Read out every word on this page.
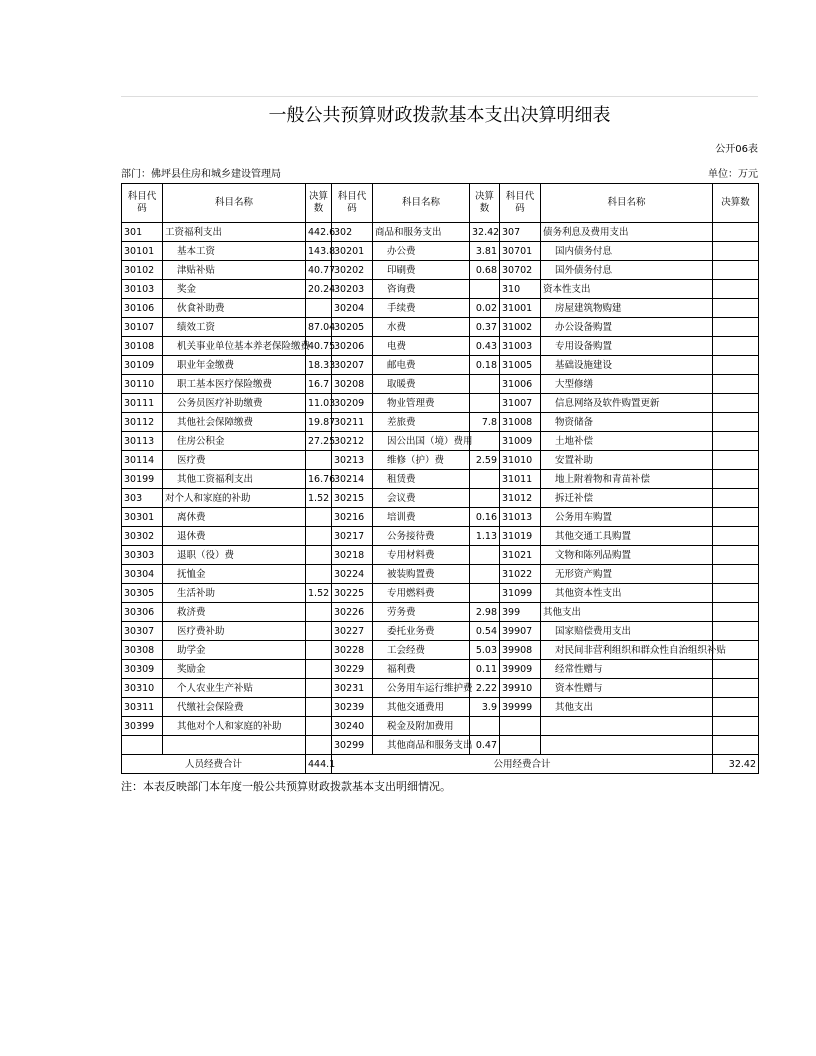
一般公共预算财政拨款基本支出决算明细表
公开06表
部门：佛坪县住房和城乡建设管理局	单位：万元
科目代码	科目名称	决算数	科目代码	科目名称	决算数	科目代码	科目名称	决算数
301	工资福利支出	442.6	302	商品和服务支出	32.42	307	债务利息及费用支出	
30101	基本工资	143.8	30201	办公费	3.81	30701	国内债务付息	
30102	津贴补贴	40.77	30202	印刷费	0.68	30702	国外债务付息	
30103	奖金	20.24	30203	咨询费		310	资本性支出	
30106	伙食补助费		30204	手续费	0.02	31001	房屋建筑物购建	
30107	绩效工资	87.04	30205	水费	0.37	31002	办公设备购置	
30108	机关事业单位基本养老保险缴费	40.75	30206	电费	0.43	31003	专用设备购置	
30109	职业年金缴费	18.33	30207	邮电费	0.18	31005	基础设施建设	
30110	职工基本医疗保险缴费	16.7	30208	取暖费		31006	大型修缮	
30111	公务员医疗补助缴费	11.03	30209	物业管理费		31007	信息网络及软件购置更新	
30112	其他社会保障缴费	19.87	30211	差旅费	7.8	31008	物资储备	
30113	住房公积金	27.25	30212	因公出国（境）费用		31009	土地补偿	
30114	医疗费		30213	维修（护）费	2.59	31010	安置补助	
30199	其他工资福利支出	16.76	30214	租赁费		31011	地上附着物和青苗补偿	
303	对个人和家庭的补助	1.52	30215	会议费		31012	拆迁补偿	
30301	离休费		30216	培训费	0.16	31013	公务用车购置	
30302	退休费		30217	公务接待费	1.13	31019	其他交通工具购置	
30303	退职（役）费		30218	专用材料费		31021	文物和陈列品购置	
30304	抚恤金		30224	被装购置费		31022	无形资产购置	
30305	生活补助	1.52	30225	专用燃料费		31099	其他资本性支出	
30306	救济费		30226	劳务费	2.98	399	其他支出	
30307	医疗费补助		30227	委托业务费	0.54	39907	国家赔偿费用支出	
30308	助学金		30228	工会经费	5.03	39908	对民间非营利组织和群众性自治组织补贴	
30309	奖励金		30229	福利费	0.11	39909	经常性赠与	
30310	个人农业生产补贴		30231	公务用车运行维护费	2.22	39910	资本性赠与	
30311	代缴社会保险费		30239	其他交通费用	3.9	39999	其他支出	
30399	其他对个人和家庭的补助		30240	税金及附加费用				
			30299	其他商品和服务支出	0.47			
人员经费合计		444.1	公用经费合计					32.42
注：本表反映部门本年度一般公共预算财政拨款基本支出明细情况。
